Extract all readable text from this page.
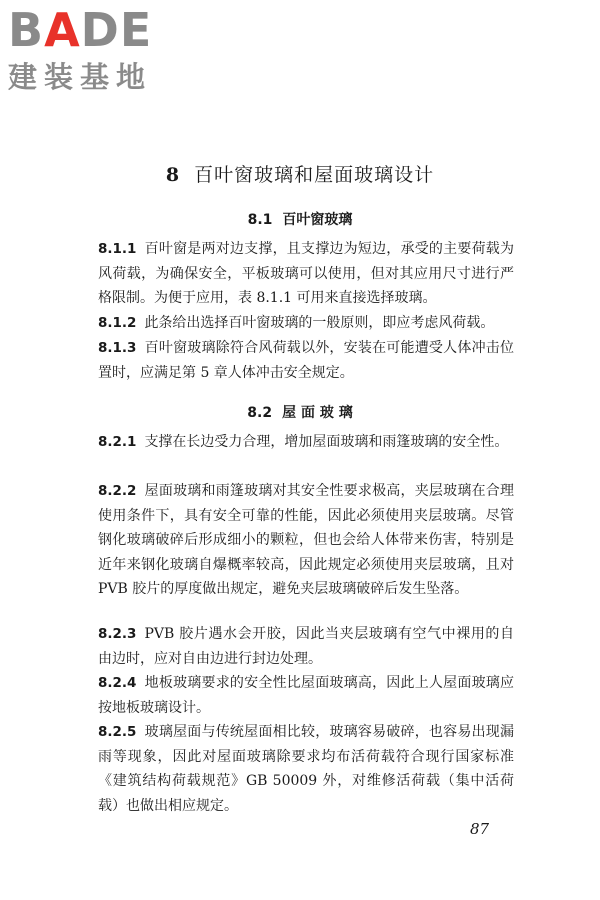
BADE
建装基地
8 百叶窗玻璃和屋面玻璃设计
8.1 百叶窗玻璃

8.1.1 百叶窗是两对边支撑，且支撑边为短边，承受的主要荷载为风荷载，为确保安全，平板玻璃可以使用，但对其应用尺寸进行严格限制。为便于应用，表 8.1.1 可用来直接选择玻璃。

8.1.2 此条给出选择百叶窗玻璃的一般原则，即应考虑风荷载。

8.1.3 百叶窗玻璃除符合风荷载以外，安装在可能遭受人体冲击位置时，应满足第 5 章人体冲击安全规定。

8.2 屋 面 玻 璃

8.2.1 支撑在长边受力合理，增加屋面玻璃和雨篷玻璃的安全性。

8.2.2 屋面玻璃和雨篷玻璃对其安全性要求极高，夹层玻璃在合理使用条件下，具有安全可靠的性能，因此必须使用夹层玻璃。尽管钢化玻璃破碎后形成细小的颗粒，但也会给人体带来伤害，特别是近年来钢化玻璃自爆概率较高，因此规定必须使用夹层玻璃，且对 PVB 胶片的厚度做出规定，避免夹层玻璃破碎后发生坠落。

8.2.3 PVB 胶片遇水会开胶，因此当夹层玻璃有空气中裸用的自由边时，应对自由边进行封边处理。

8.2.4 地板玻璃要求的安全性比屋面玻璃高，因此上人屋面玻璃应按地板玻璃设计。

8.2.5 玻璃屋面与传统屋面相比较，玻璃容易破碎，也容易出现漏雨等现象，因此对屋面玻璃除要求均布活荷载符合现行国家标准《建筑结构荷载规范》GB 50009 外，对维修活荷载（集中活荷载）也做出相应规定。

87
